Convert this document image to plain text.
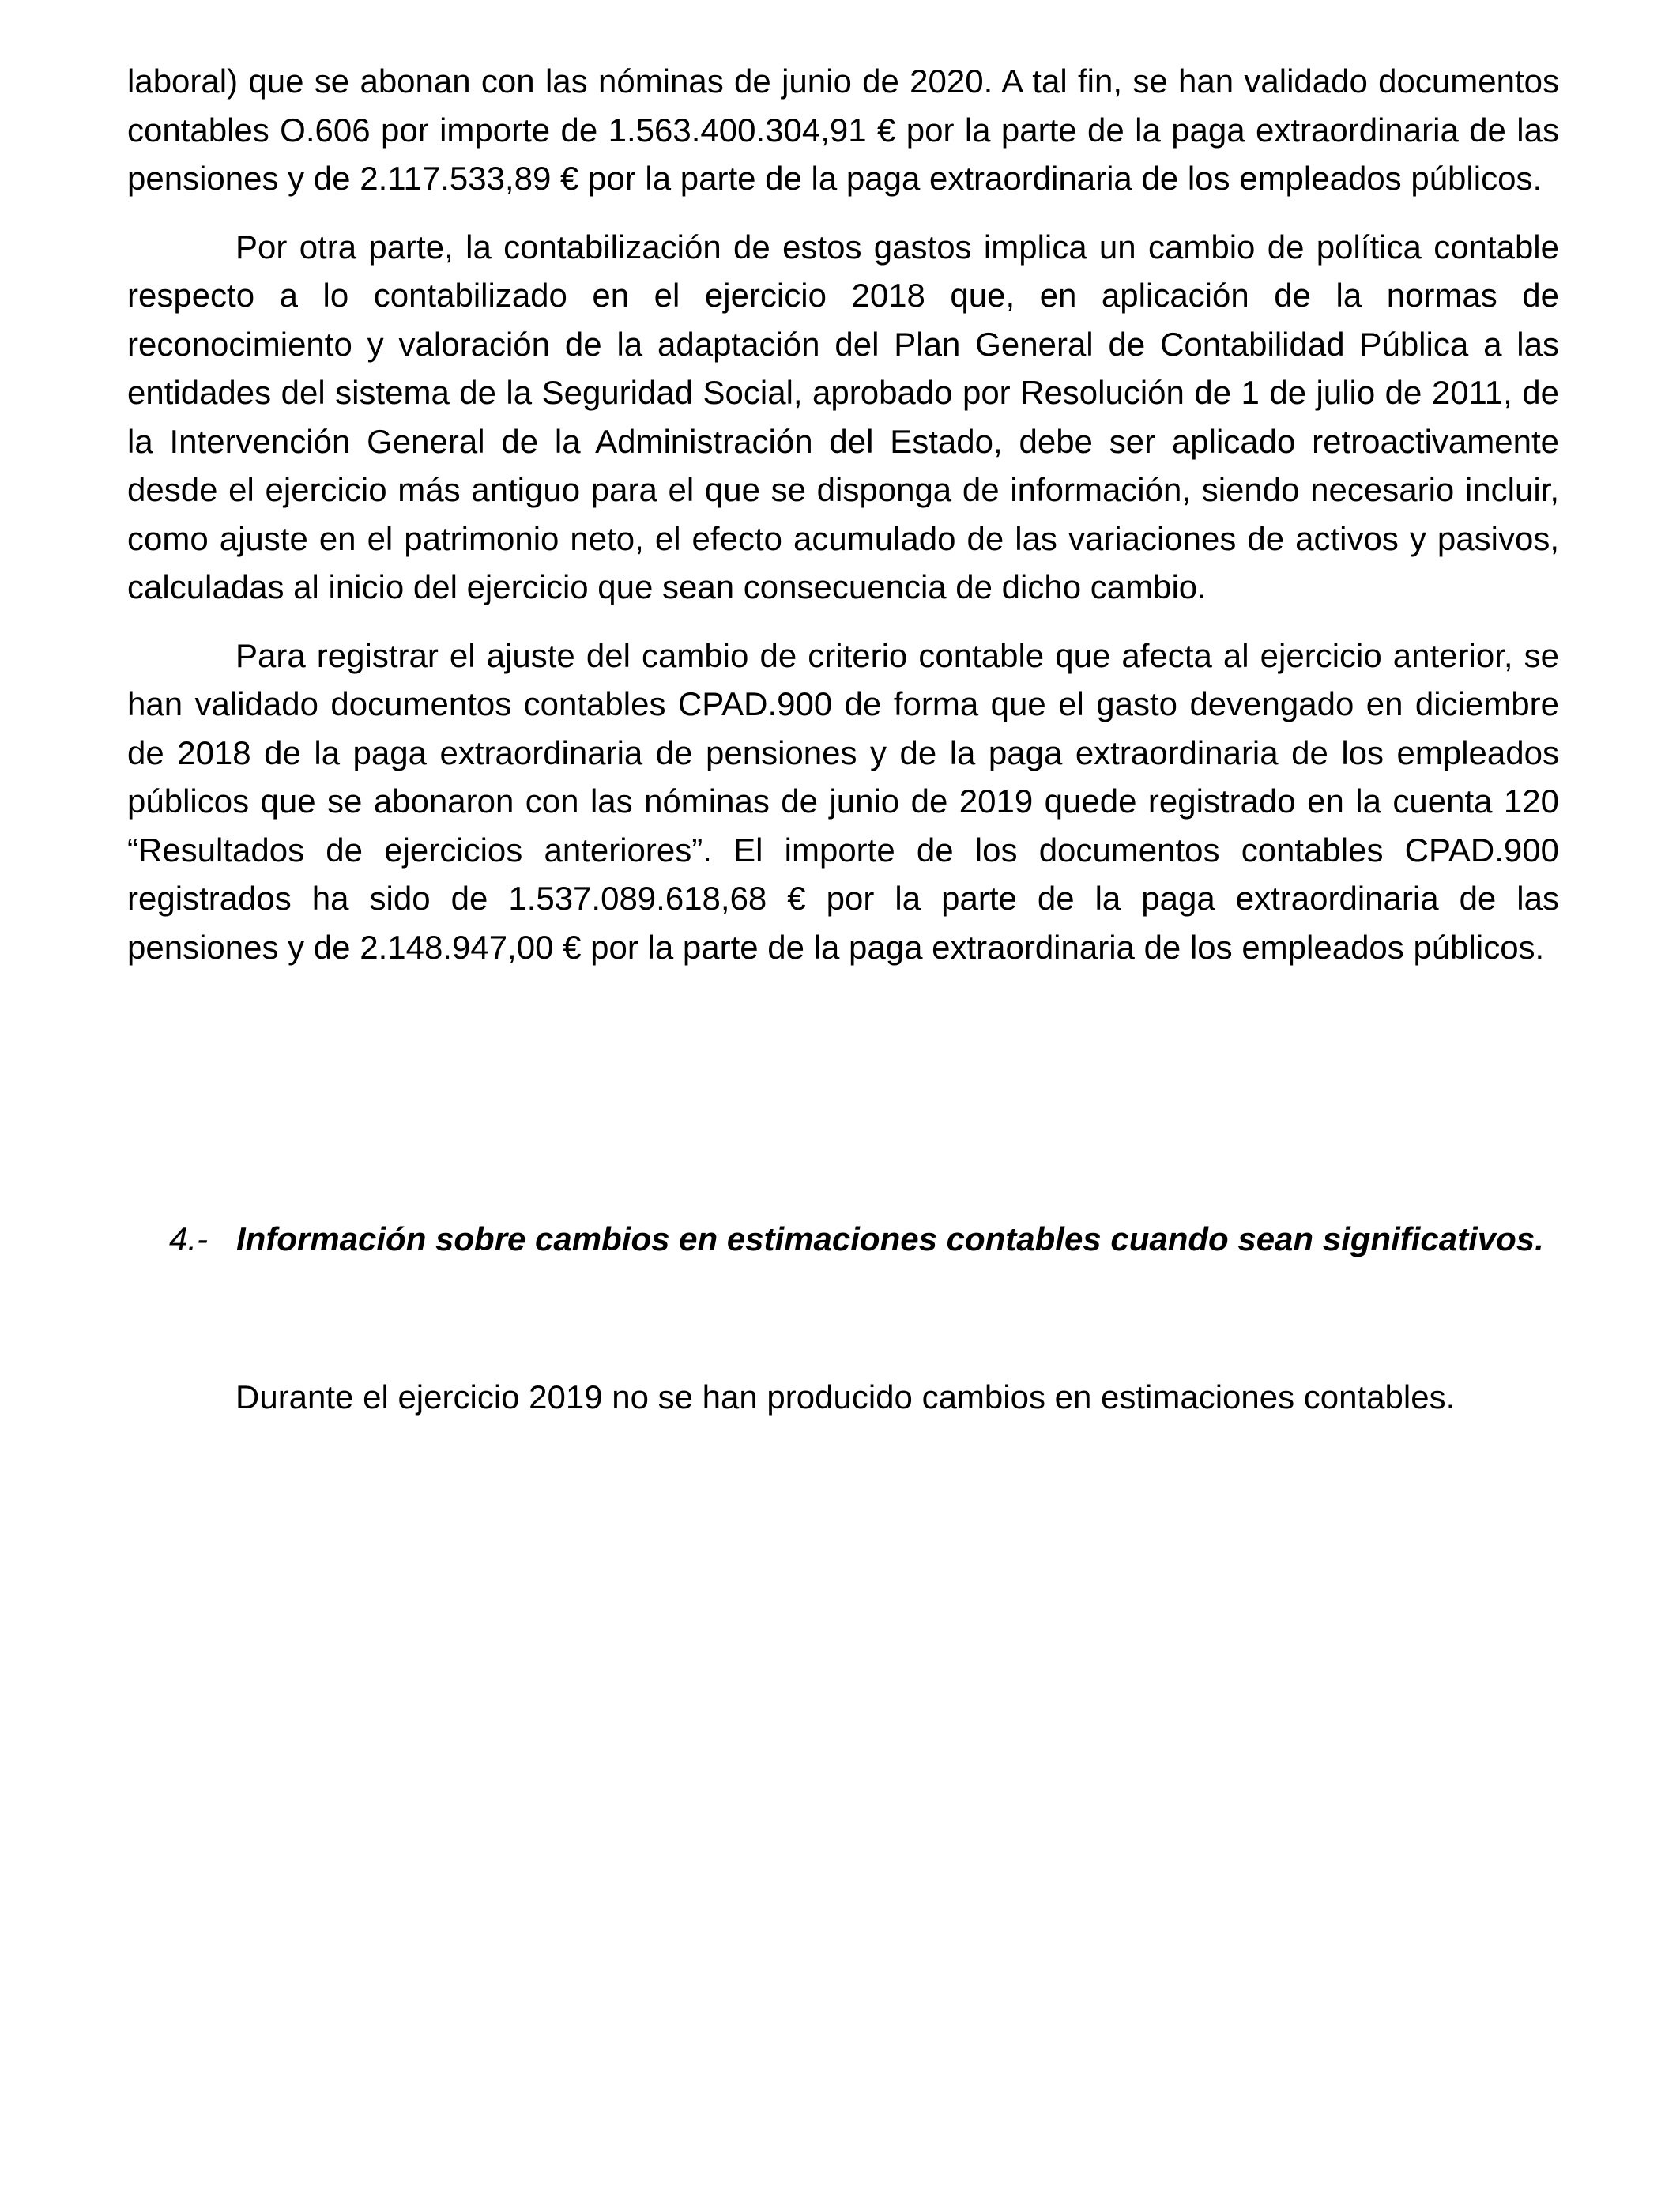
laboral) que se abonan con las nóminas de junio de 2020. A tal fin, se han validado documentos contables O.606 por importe de 1.563.400.304,91 € por la parte de la paga extraordinaria de las pensiones y de 2.117.533,89 € por la parte de la paga extraordinaria de los empleados públicos.

Por otra parte, la contabilización de estos gastos implica un cambio de política contable respecto a lo contabilizado en el ejercicio 2018 que, en aplicación de la normas de reconocimiento y valoración de la adaptación del Plan General de Contabilidad Pública a las entidades del sistema de la Seguridad Social, aprobado por Resolución de 1 de julio de 2011, de la Intervención General de la Administración del Estado, debe ser aplicado retroactivamente desde el ejercicio más antiguo para el que se disponga de información, siendo necesario incluir, como ajuste en el patrimonio neto, el efecto acumulado de las variaciones de activos y pasivos, calculadas al inicio del ejercicio que sean consecuencia de dicho cambio.

Para registrar el ajuste del cambio de criterio contable que afecta al ejercicio anterior, se han validado documentos contables CPAD.900 de forma que el gasto devengado en diciembre de 2018 de la paga extraordinaria de pensiones y de la paga extraordinaria de los empleados públicos que se abonaron con las nóminas de junio de 2019 quede registrado en la cuenta 120 “Resultados de ejercicios anteriores”. El importe de los documentos contables CPAD.900 registrados ha sido de 1.537.089.618,68 € por la parte de la paga extraordinaria de las pensiones y de 2.148.947,00 € por la parte de la paga extraordinaria de los empleados públicos.

4.- Información sobre cambios en estimaciones contables cuando sean significativos.

Durante el ejercicio 2019 no se han producido cambios en estimaciones contables.
